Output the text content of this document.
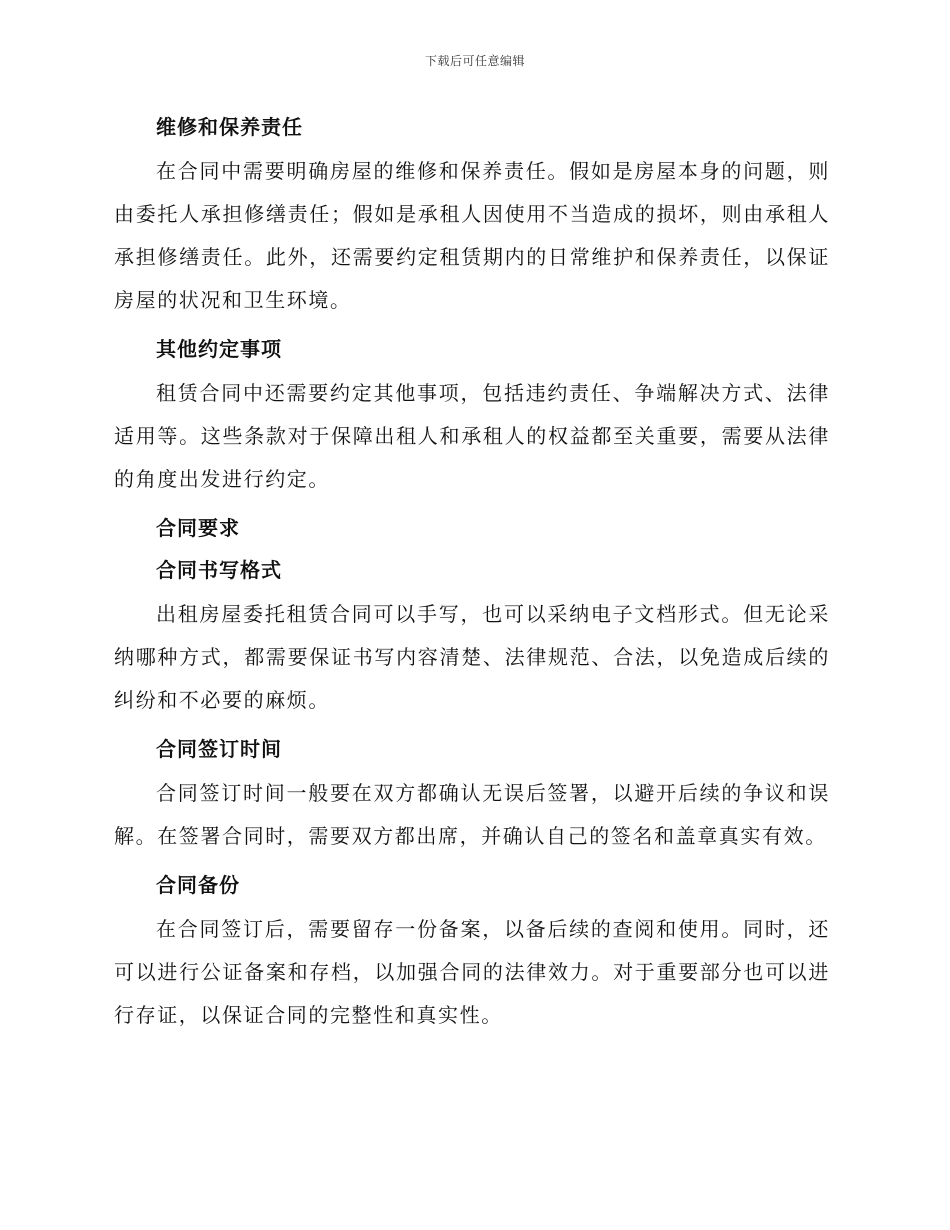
下载后可任意编辑
维修和保养责任

在合同中需要明确房屋的维修和保养责任。假如是房屋本身的问题，则由委托人承担修缮责任；假如是承租人因使用不当造成的损坏，则由承租人承担修缮责任。此外，还需要约定租赁期内的日常维护和保养责任，以保证房屋的状况和卫生环境。

其他约定事项

租赁合同中还需要约定其他事项，包括违约责任、争端解决方式、法律适用等。这些条款对于保障出租人和承租人的权益都至关重要，需要从法律的角度出发进行约定。

合同要求
合同书写格式

出租房屋委托租赁合同可以手写，也可以采纳电子文档形式。但无论采纳哪种方式，都需要保证书写内容清楚、法律规范、合法，以免造成后续的纠纷和不必要的麻烦。

合同签订时间

合同签订时间一般要在双方都确认无误后签署，以避开后续的争议和误解。在签署合同时，需要双方都出席，并确认自己的签名和盖章真实有效。

合同备份

在合同签订后，需要留存一份备案，以备后续的查阅和使用。同时，还可以进行公证备案和存档，以加强合同的法律效力。对于重要部分也可以进行存证，以保证合同的完整性和真实性。
